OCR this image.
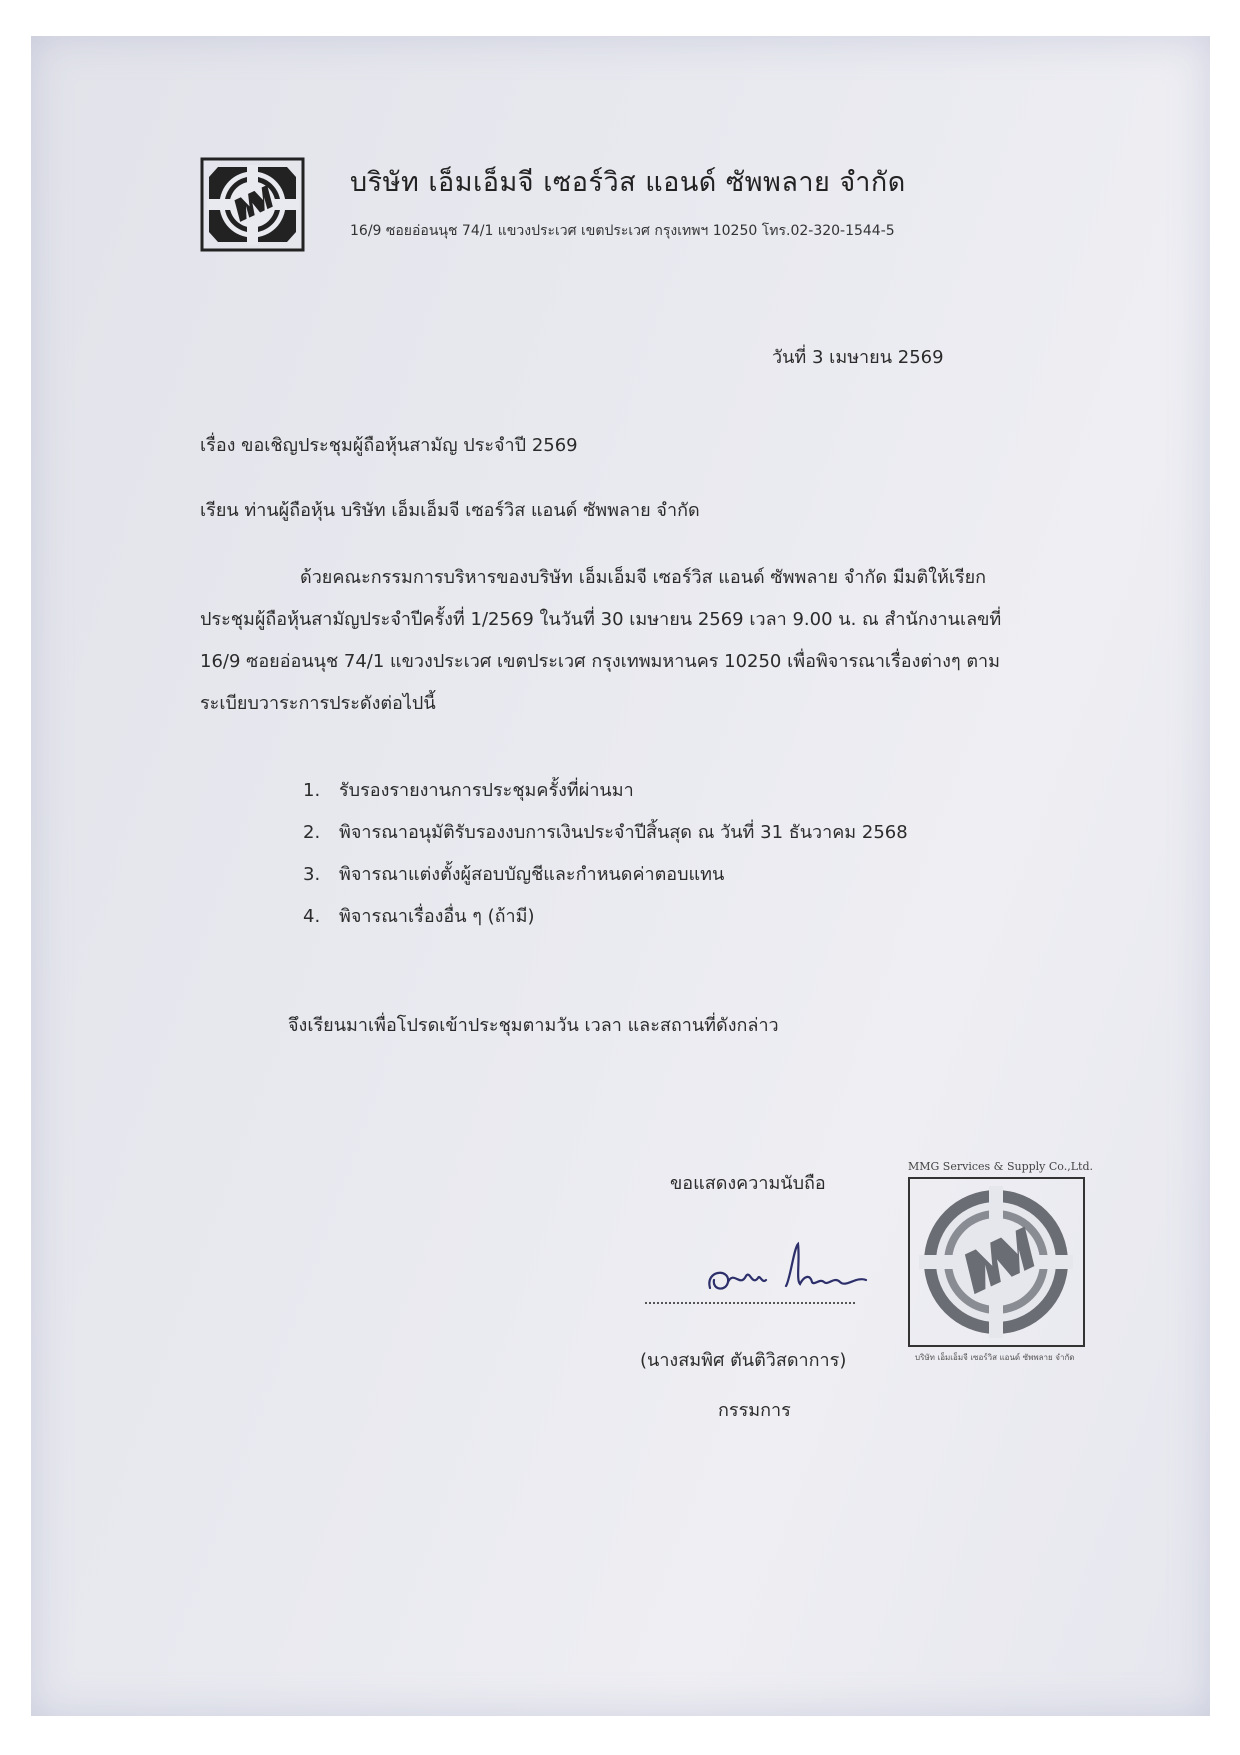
บริษัท เอ็มเอ็มจี เซอร์วิส แอนด์ ซัพพลาย จำกัด
16/9 ซอยอ่อนนุช 74/1 แขวงประเวศ เขตประเวศ กรุงเทพฯ 10250 โทร.02-320-1544-5
วันที่ 3 เมษายน 2569
เรื่อง ขอเชิญประชุมผู้ถือหุ้นสามัญ ประจำปี 2569
เรียน ท่านผู้ถือหุ้น บริษัท เอ็มเอ็มจี เซอร์วิส แอนด์ ซัพพลาย จำกัด
ด้วยคณะกรรมการบริหารของบริษัท เอ็มเอ็มจี เซอร์วิส แอนด์ ซัพพลาย จำกัด มีมติให้เรียก
ประชุมผู้ถือหุ้นสามัญประจำปีครั้งที่ 1/2569 ในวันที่ 30 เมษายน 2569 เวลา 9.00 น. ณ สำนักงานเลขที่
16/9 ซอยอ่อนนุช 74/1 แขวงประเวศ เขตประเวศ กรุงเทพมหานคร 10250 เพื่อพิจารณาเรื่องต่างๆ ตาม
ระเบียบวาระการประดังต่อไปนี้
1. รับรองรายงานการประชุมครั้งที่ผ่านมา
2. พิจารณาอนุมัติรับรองงบการเงินประจำปีสิ้นสุด ณ วันที่ 31 ธันวาคม 2568
3. พิจารณาแต่งตั้งผู้สอบบัญชีและกำหนดค่าตอบแทน
4. พิจารณาเรื่องอื่น ๆ (ถ้ามี)
จึงเรียนมาเพื่อโปรดเข้าประชุมตามวัน เวลา และสถานที่ดังกล่าว
ขอแสดงความนับถือ
(นางสมพิศ ตันติวิสดาการ)
กรรมการ
MMG Services & Supply Co.,Ltd.
บริษัท เอ็มเอ็มจี เซอร์วิส แอนด์ ซัพพลาย จำกัด
